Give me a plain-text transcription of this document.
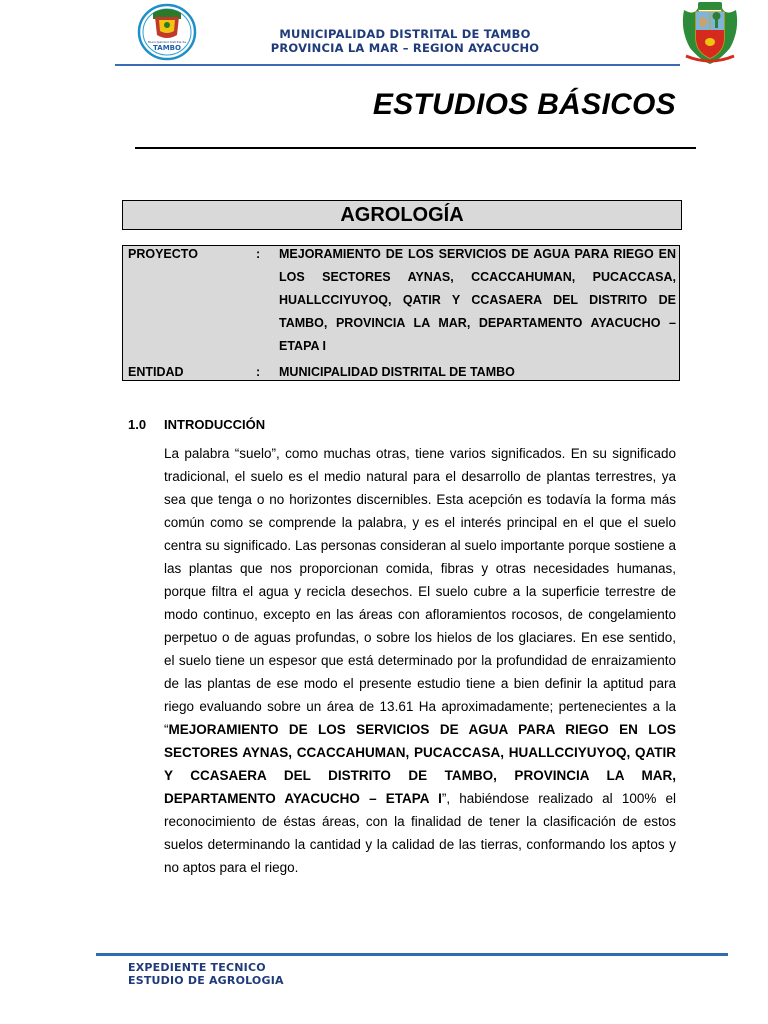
Municipalidad Distrital de
TAMBO
MUNICIPALIDAD DISTRITAL DE TAMBO
PROVINCIA LA MAR – REGION AYACUCHO
ESTUDIOS BÁSICOS
AGROLOGÍA
PROYECTO	: MEJORAMIENTO DE LOS SERVICIOS DE AGUA PARA RIEGO EN LOS SECTORES AYNAS, CCACCAHUMAN, PUCACCASA, HUALLCCIYUYOQ, QATIR Y CCASAERA DEL DISTRITO DE TAMBO, PROVINCIA LA MAR, DEPARTAMENTO AYACUCHO – ETAPA I
ENTIDAD	: MUNICIPALIDAD DISTRITAL DE TAMBO
1.0 INTRODUCCIÓN
La palabra “suelo”, como muchas otras, tiene varios significados. En su significado tradicional, el suelo es el medio natural para el desarrollo de plantas terrestres, ya sea que tenga o no horizontes discernibles. Esta acepción es todavía la forma más común como se comprende la palabra, y es el interés principal en el que el suelo centra su significado. Las personas consideran al suelo importante porque sostiene a las plantas que nos proporcionan comida, fibras y otras necesidades humanas, porque filtra el agua y recicla desechos. El suelo cubre a la superficie terrestre de modo continuo, excepto en las áreas con afloramientos rocosos, de congelamiento perpetuo o de aguas profundas, o sobre los hielos de los glaciares. En ese sentido, el suelo tiene un espesor que está determinado por la profundidad de enraizamiento de las plantas de ese modo el presente estudio tiene a bien definir la aptitud para riego evaluando sobre un área de 13.61 Ha aproximadamente; pertenecientes a la “MEJORAMIENTO DE LOS SERVICIOS DE AGUA PARA RIEGO EN LOS SECTORES AYNAS, CCACCAHUMAN, PUCACCASA, HUALLCCIYUYOQ, QATIR Y CCASAERA DEL DISTRITO DE TAMBO, PROVINCIA LA MAR, DEPARTAMENTO AYACUCHO – ETAPA I”, habiéndose realizado al 100% el reconocimiento de éstas áreas, con la finalidad de tener la clasificación de estos suelos determinando la cantidad y la calidad de las tierras, conformando los aptos y no aptos para el riego.
EXPEDIENTE TECNICO
ESTUDIO DE AGROLOGIA
